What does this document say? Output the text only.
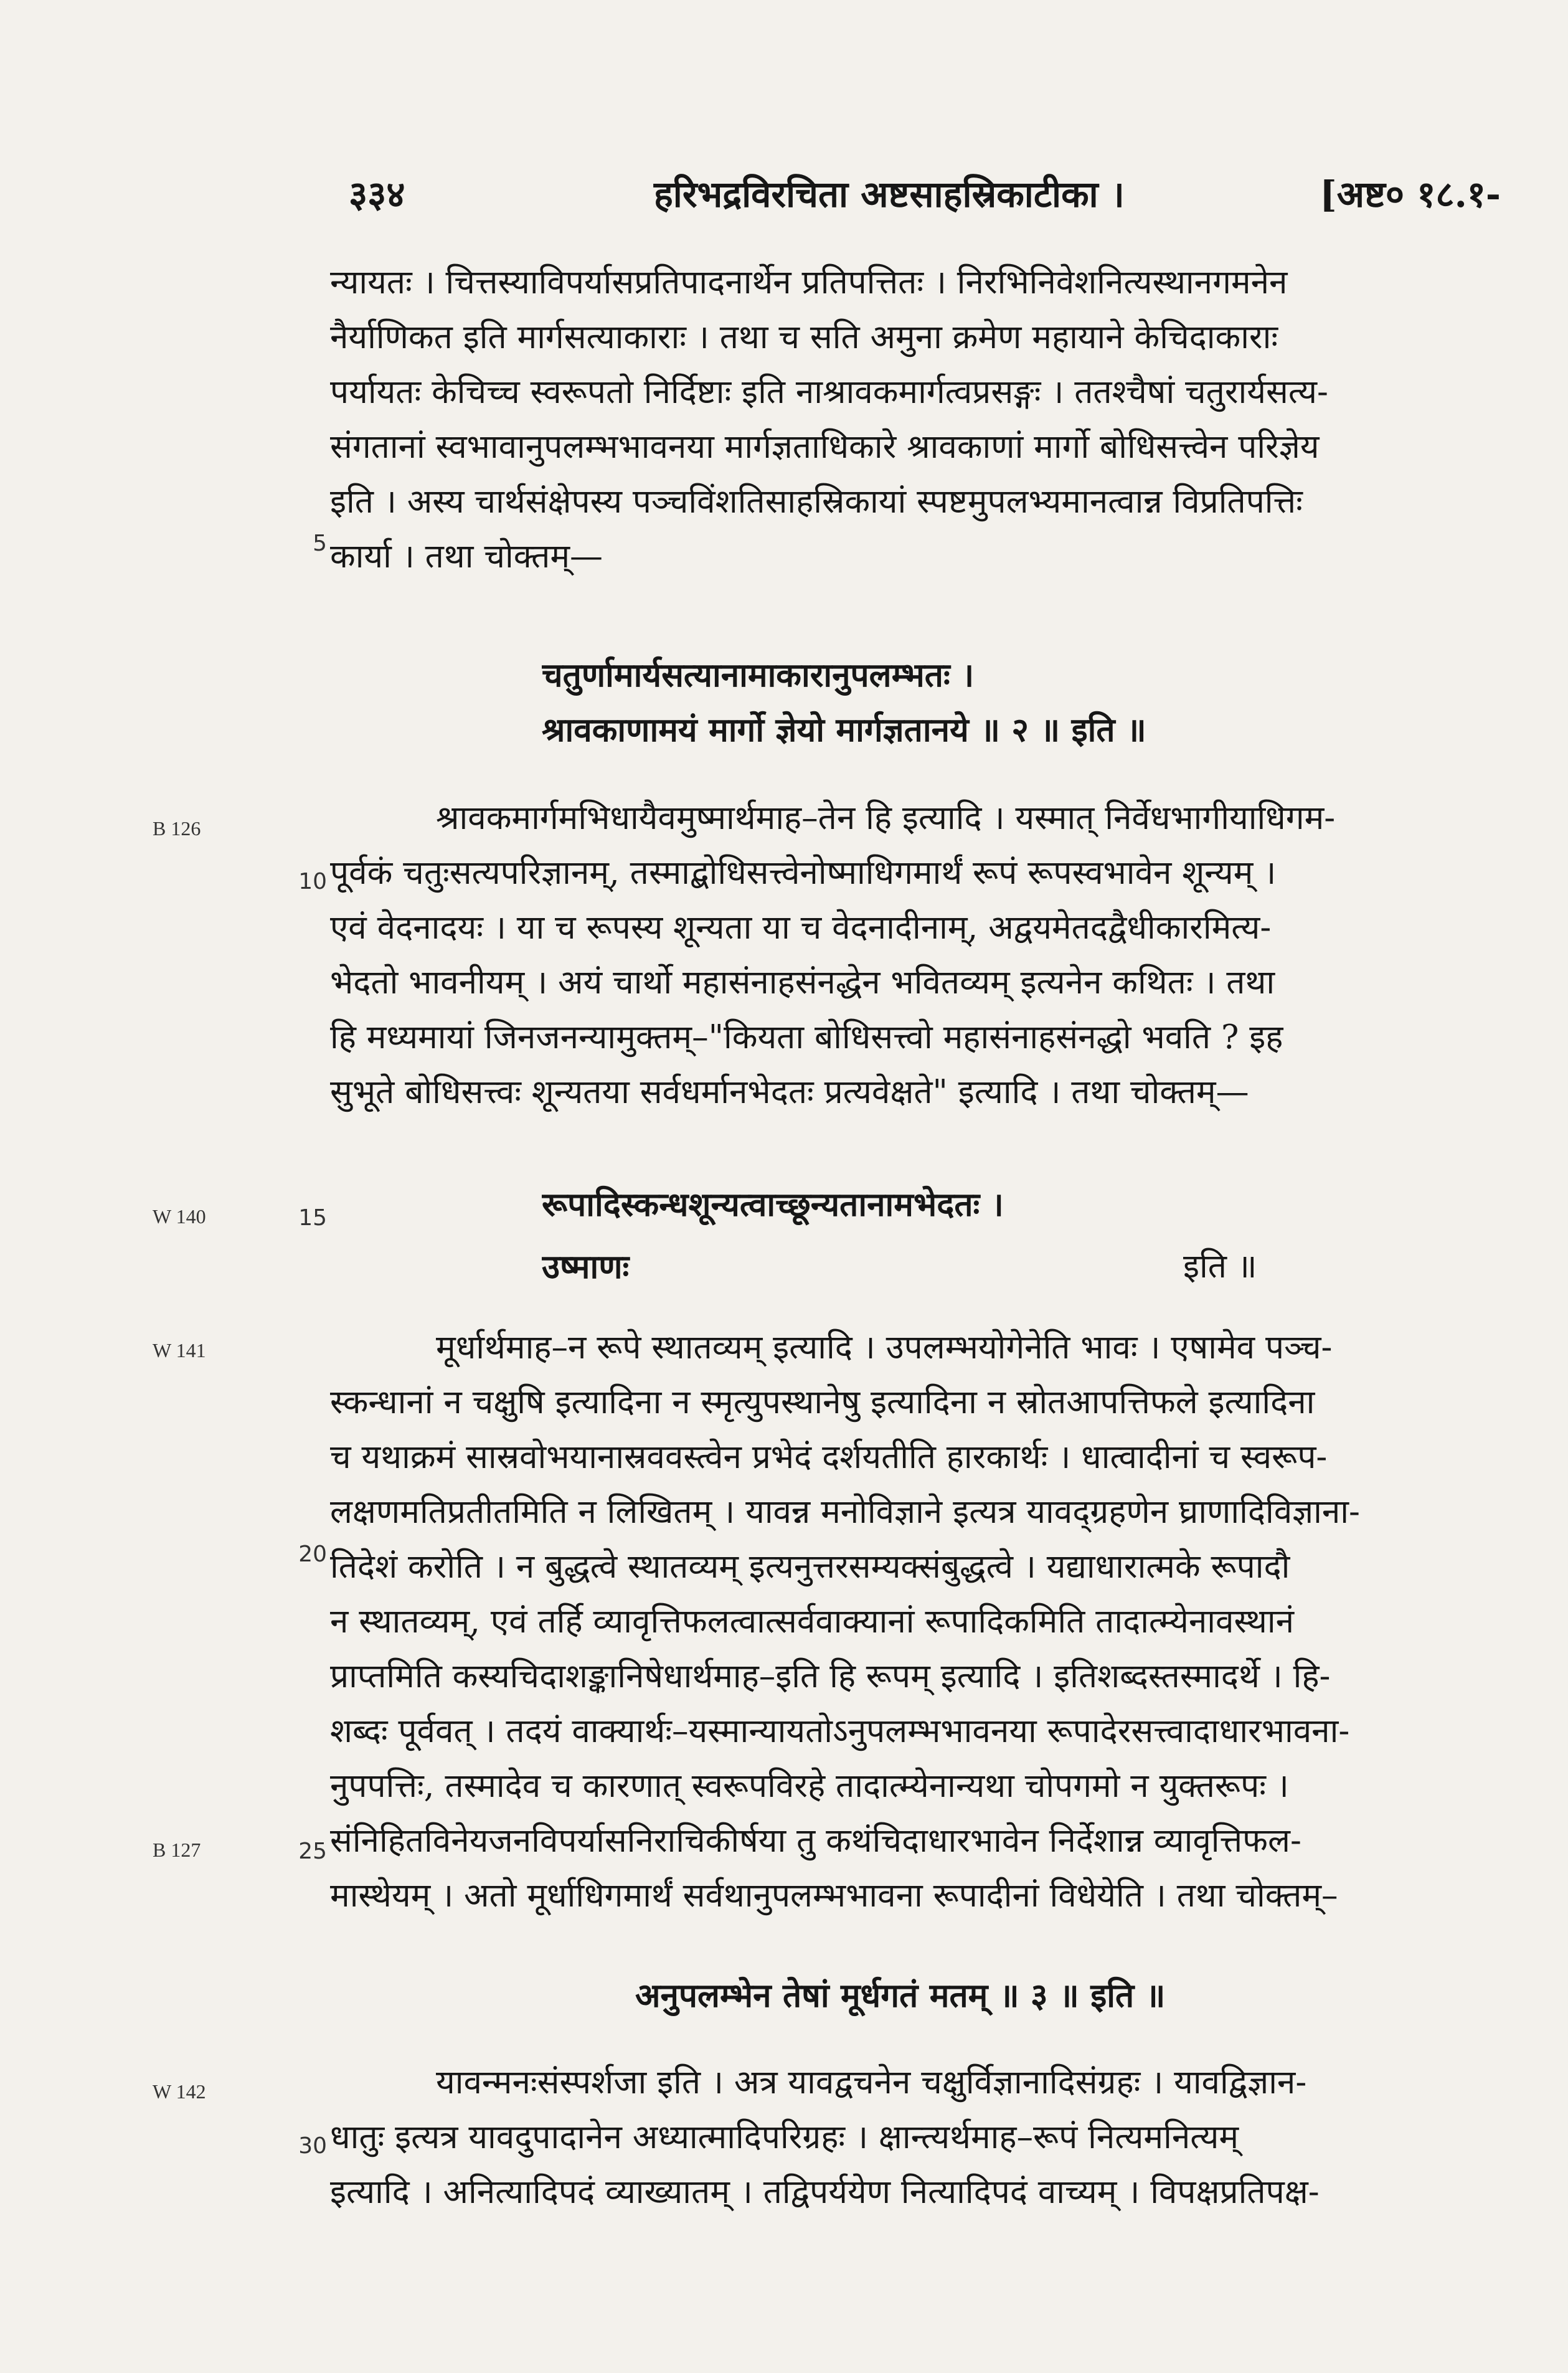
३३४	हरिभद्रविरचिता अष्टसाहस्रिकाटीका ।	[अष्ट० १८.१-
B 126
W 140
W 141
B 127
W 142
5
10
15
20
25
30
न्यायतः । चित्तस्याविपर्यासप्रतिपादनार्थेन प्रतिपत्तितः । निरभिनिवेशनित्यस्थानगमनेन
नैर्याणिकत इति मार्गसत्याकाराः । तथा च सति अमुना क्रमेण महायाने केचिदाकाराः
पर्यायतः केचिच्च स्वरूपतो निर्दिष्टाः इति नाश्रावकमार्गत्वप्रसङ्गः । ततश्चैषां चतुरार्यसत्य-
संगतानां स्वभावानुपलम्भभावनया मार्गज्ञताधिकारे श्रावकाणां मार्गो बोधिसत्त्वेन परिज्ञेय
इति । अस्य चार्थसंक्षेपस्य पञ्चविंशतिसाहस्रिकायां स्पष्टमुपलभ्यमानत्वान्न विप्रतिपत्तिः
कार्या । तथा चोक्तम्—
चतुर्णामार्यसत्यानामाकारानुपलम्भतः ।
श्रावकाणामयं मार्गो ज्ञेयो मार्गज्ञतानये ॥ २ ॥ इति ॥
श्रावकमार्गमभिधायैवमुष्मार्थमाह–तेन हि इत्यादि । यस्मात् निर्वेधभागीयाधिगम-
पूर्वकं चतुःसत्यपरिज्ञानम्, तस्माद्बोधिसत्त्वेनोष्माधिगमार्थं रूपं रूपस्वभावेन शून्यम् ।
एवं वेदनादयः । या च रूपस्य शून्यता या च वेदनादीनाम्, अद्वयमेतदद्वैधीकारमित्य-
भेदतो भावनीयम् । अयं चार्थो महासंनाहसंनद्धेन भवितव्यम् इत्यनेन कथितः । तथा
हि मध्यमायां जिनजनन्यामुक्तम्–"कियता बोधिसत्त्वो महासंनाहसंनद्धो भवति ? इह
सुभूते बोधिसत्त्वः शून्यतया सर्वधर्मानभेदतः प्रत्यवेक्षते" इत्यादि । तथा चोक्तम्—
रूपादिस्कन्धशून्यत्वाच्छून्यतानामभेदतः ।
उष्माणः	इति ॥
मूर्धार्थमाह–न रूपे स्थातव्यम् इत्यादि । उपलम्भयोगेनेति भावः । एषामेव पञ्च-
स्कन्धानां न चक्षुषि इत्यादिना न स्मृत्युपस्थानेषु इत्यादिना न स्रोतआपत्तिफले इत्यादिना
च यथाक्रमं सास्रवोभयानास्रववस्त्वेन प्रभेदं दर्शयतीति हारकार्थः । धात्वादीनां च स्वरूप-
लक्षणमतिप्रतीतमिति न लिखितम् । यावन्न मनोविज्ञाने इत्यत्र यावद्ग्रहणेन घ्राणादिविज्ञाना-
तिदेशं करोति । न बुद्धत्वे स्थातव्यम् इत्यनुत्तरसम्यक्संबुद्धत्वे । यद्याधारात्मके रूपादौ
न स्थातव्यम्, एवं तर्हि व्यावृत्तिफलत्वात्सर्ववाक्यानां रूपादिकमिति तादात्म्येनावस्थानं
प्राप्तमिति कस्यचिदाशङ्कानिषेधार्थमाह–इति हि रूपम् इत्यादि । इतिशब्दस्तस्मादर्थे । हि-
शब्दः पूर्ववत् । तदयं वाक्यार्थः–यस्मान्यायतोऽनुपलम्भभावनया रूपादेरसत्त्वादाधारभावना-
नुपपत्तिः, तस्मादेव च कारणात् स्वरूपविरहे तादात्म्येनान्यथा चोपगमो न युक्तरूपः ।
संनिहितविनेयजनविपर्यासनिराचिकीर्षया तु कथंचिदाधारभावेन निर्देशान्न व्यावृत्तिफल-
मास्थेयम् । अतो मूर्धाधिगमार्थं सर्वथानुपलम्भभावना रूपादीनां विधेयेति । तथा चोक्तम्–
अनुपलम्भेन तेषां मूर्धगतं मतम् ॥ ३ ॥ इति ॥
यावन्मनःसंस्पर्शजा इति । अत्र यावद्वचनेन चक्षुर्विज्ञानादिसंग्रहः । यावद्विज्ञान-
धातुः इत्यत्र यावदुपादानेन अध्यात्मादिपरिग्रहः । क्षान्त्यर्थमाह–रूपं नित्यमनित्यम्
इत्यादि । अनित्यादिपदं व्याख्यातम् । तद्विपर्ययेण नित्यादिपदं वाच्यम् । विपक्षप्रतिपक्ष-
